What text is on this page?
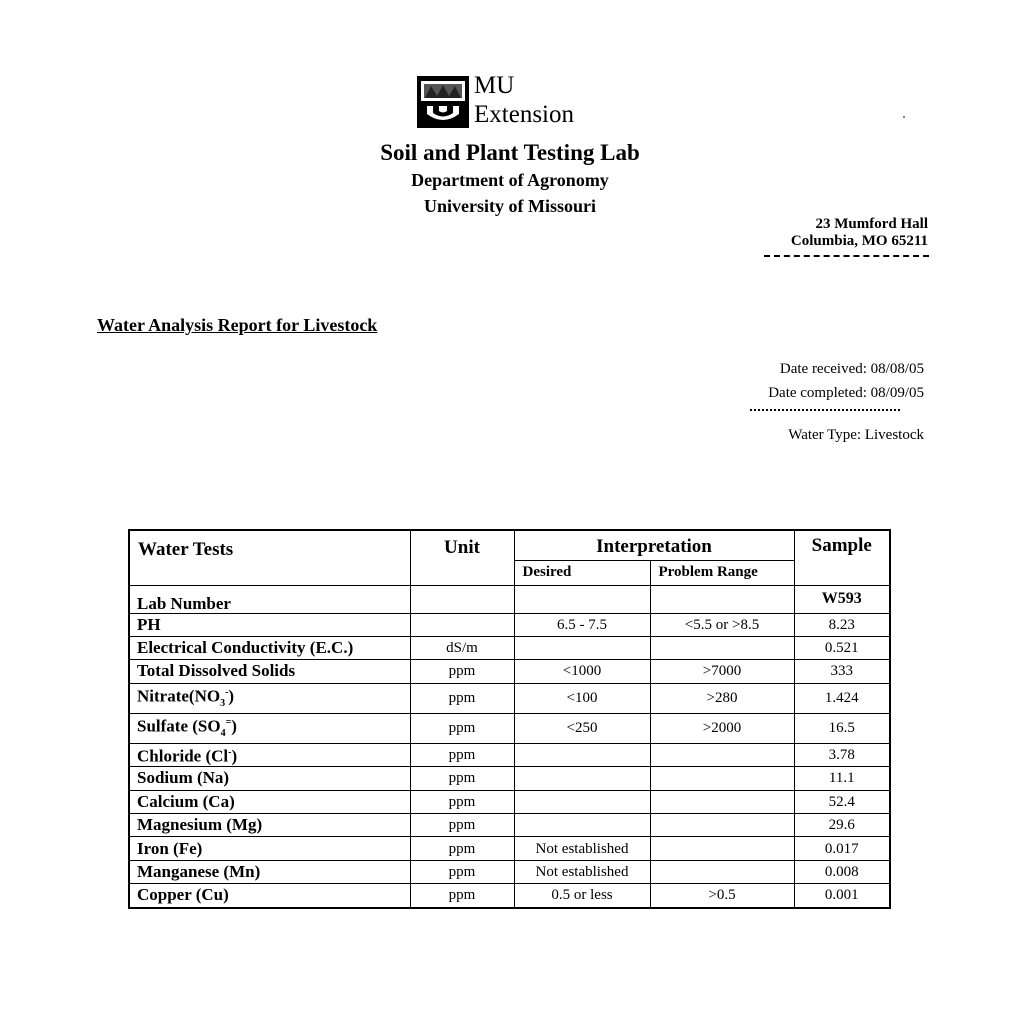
MU
Extension
Soil and Plant Testing Lab
Department of Agronomy
University of Missouri
23 Mumford Hall
Columbia, MO 65211
Water Analysis Report for Livestock
Date received: 08/08/05
Date completed: 08/09/05
Water Type: Livestock
Water Tests	Unit	Interpretation		Sample
		Desired	Problem Range	
Lab Number				W593
PH		6.5 - 7.5	<5.5 or >8.5	8.23
Electrical Conductivity (E.C.)	dS/m			0.521
Total Dissolved Solids	ppm	<1000	>7000	333
$Nitrate(NO_3^-)$	ppm	<100	>280	1.424
Sulfate $(SO_4^=)$	ppm	<250	>2000	16.5
Chloride (Cl-)	ppm			3.78
Sodium (Na)	ppm			11.1
Calcium (Ca)	ppm			52.4
Magnesium (Mg)	ppm			29.6
Iron (Fe)	ppm	Not established		0.017
Manganese (Mn)	ppm	Not established		0.008
Copper (Cu)	ppm	0.5 or less	>0.5	0.001
